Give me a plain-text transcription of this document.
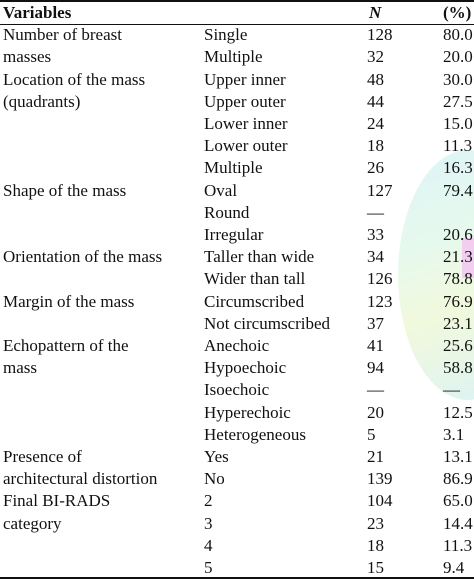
Variables	N	(%)
Number of breast
masses
Single	128	80.0
Multiple	32	20.0
Location of the mass
(quadrants)
Upper inner	48	30.0
Upper outer	44	27.5
Lower inner	24	15.0
Lower outer	18	11.3
Multiple	26	16.3
Shape of the mass	Oval	127	79.4
Round	—
Irregular	33	20.6
Orientation of the mass	Taller than wide	34	21.3
Wider than tall	126	78.8
Margin of the mass	Circumscribed	123	76.9
Not circumscribed 37	23.1
Echopattern of the
mass
Anechoic	41	25.6
Hypoechoic	94	58.8
Isoechoic	—	—
Hyperechoic	20	12.5
Heterogeneous	5	3.1
Presence of
architectural distortion
Yes	21	13.1
No	139	86.9
Final BI-RADS
category
2	104	65.0
3	23	14.4
4	18	11.3
5	15	9.4
